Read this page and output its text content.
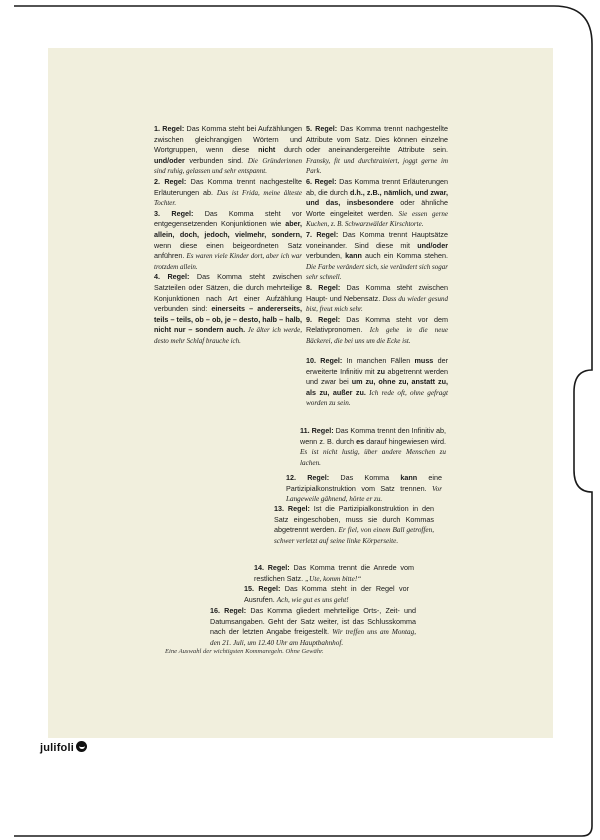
1. Regel: Das Komma steht bei Aufzählungen zwischen gleichrangigen Wörtern und Wortgruppen, wenn diese nicht durch und/oder verbunden sind. Die Gründerinnen sind ruhig, gelassen und sehr entspannt.

2. Regel: Das Komma trennt nachgestellte Erläuterungen ab. Das ist Frida, meine älteste Tochter.

3. Regel: Das Komma steht vor entgegensetzenden Konjunktionen wie aber, allein, doch, jedoch, vielmehr, sondern, wenn diese einen beigeordneten Satz anführen. Es waren viele Kinder dort, aber ich war trotzdem allein.

4. Regel: Das Komma steht zwischen Satzteilen oder Sätzen, die durch mehrteilige Konjunktionen nach Art einer Aufzählung verbunden sind: einerseits – andererseits, teils – teils, ob – ob, je – desto, halb – halb, nicht nur – sondern auch. Je älter ich werde, desto mehr Schlaf brauche ich.

5. Regel: Das Komma trennt nachgestellte Attribute vom Satz. Dies können einzelne oder aneinandergereihte Attribute sein. Fransky, fit und durchtrainiert, joggt gerne im Park.

6. Regel: Das Komma trennt Erläuterungen ab, die durch d.h., z.B., nämlich, und zwar, und das, insbesondere oder ähnliche Worte eingeleitet werden. Sie essen gerne Kuchen, z. B. Schwarzwälder Kirschtorte.

7. Regel: Das Komma trennt Hauptsätze voneinander. Sind diese mit und/oder verbunden, kann auch ein Komma stehen. Die Farbe verändert sich, sie verändert sich sogar sehr schnell.

8. Regel: Das Komma steht zwischen Haupt- und Nebensatz. Dass du wieder gesund bist, freut mich sehr.

9. Regel: Das Komma steht vor dem Relativpronomen. Ich gehe in die neue Bäckerei, die bei uns um die Ecke ist.

10. Regel: In manchen Fällen muss der erweiterte Infinitiv mit zu abgetrennt werden und zwar bei um zu, ohne zu, anstatt zu, als zu, außer zu. Ich rede oft, ohne gefragt worden zu sein.
11. Regel: Das Komma trennt den Infinitiv ab, wenn z. B. durch es darauf hingewiesen wird. Es ist nicht lustig, über andere Menschen zu lachen.
12. Regel: Das Komma kann eine Partizipialkonstruktion vom Satz trennen. Vor Langeweile gähnend, hörte er zu.
13. Regel: Ist die Partizipialkonstruktion in den Satz eingeschoben, muss sie durch Kommas abgetrennt werden. Er fiel, von einem Ball getroffen, schwer verletzt auf seine linke Körperseite.
14. Regel: Das Komma trennt die Anrede vom restlichen Satz. „Ute, komm bitte!“
15. Regel: Das Komma steht in der Regel vor Ausrufen. Ach, wie gut es uns geht!
16. Regel: Das Komma gliedert mehrteilige Orts-, Zeit- und Datumsangaben. Geht der Satz weiter, ist das Schlusskomma nach der letzten Angabe freigestellt. Wir treffen uns am Montag, den 21. Juli, um 12.40 Uhr am Hauptbahnhof.
Eine Auswahl der wichtigsten Kommaregeln. Ohne Gewähr.
julifoli
